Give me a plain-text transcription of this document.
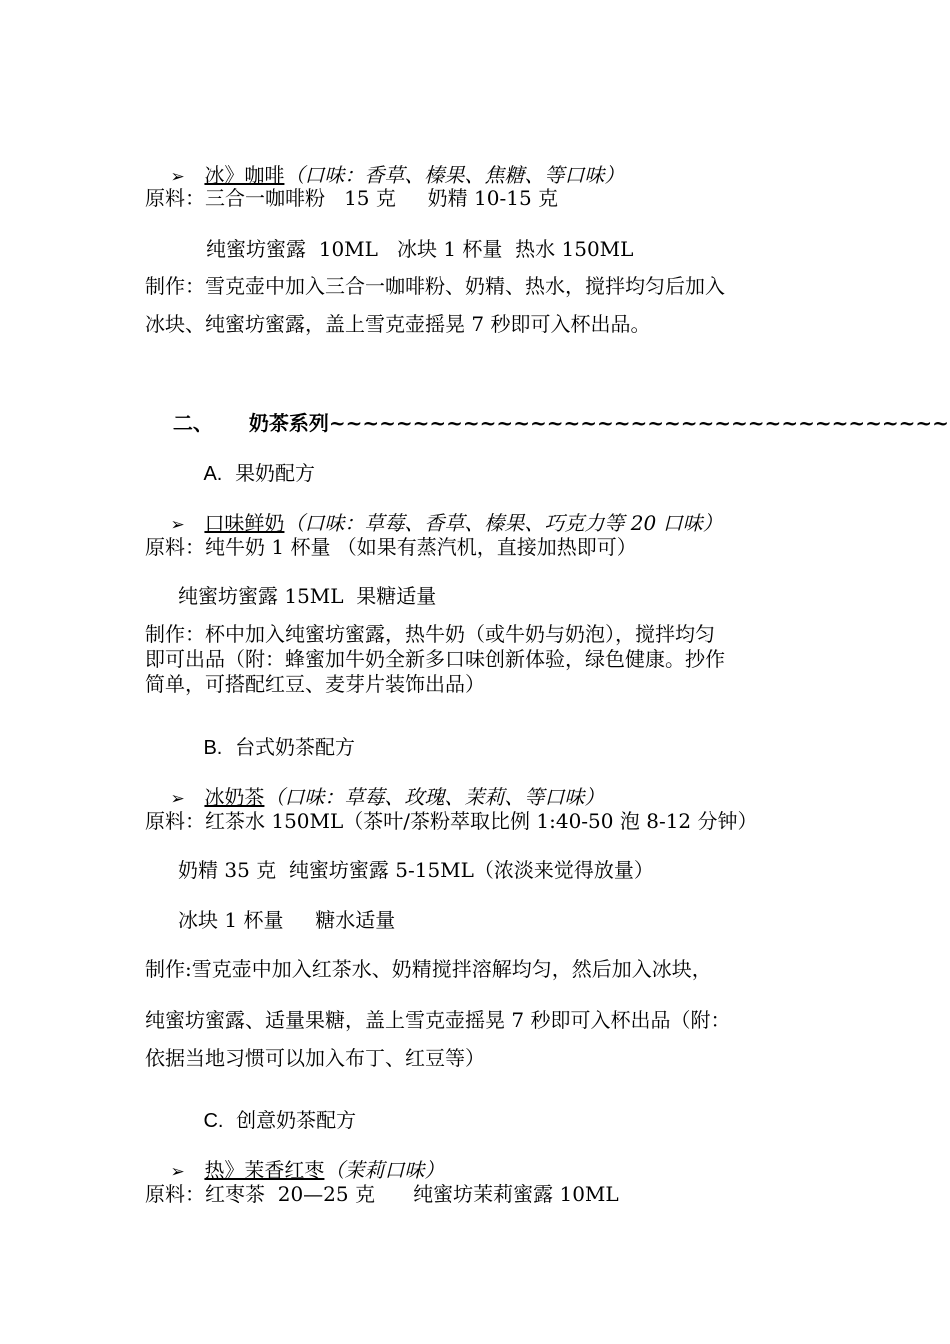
➢ 冰》咖啡（口味：香草、榛果、焦糖、等口味）

原料：三合一咖啡粉   15 克     奶精 10-15 克
纯蜜坊蜜露  10ML   冰块 1 杯量  热水 150ML
制作：雪克壶中加入三合一咖啡粉、奶精、热水，搅拌均匀后加入
冰块、纯蜜坊蜜露，盖上雪克壶摇晃 7 秒即可入杯出品。

二、 奶茶系列~~~~~~~~~~~~~~~~~~~~~~~~~~~~~~~~~~~~~

A. 果奶配方

➢ 口味鲜奶（口味：草莓、香草、榛果、巧克力等 20 口味）

原料：纯牛奶 1 杯量 （如果有蒸汽机，直接加热即可）
纯蜜坊蜜露 15ML  果糖适量
制作：杯中加入纯蜜坊蜜露，热牛奶（或牛奶与奶泡），搅拌均匀
即可出品（附：蜂蜜加牛奶全新多口味创新体验，绿色健康。抄作
简单，可搭配红豆、麦芽片装饰出品）

B. 台式奶茶配方

➢ 冰奶茶（口味：草莓、玫瑰、茉莉、等口味）

原料：红茶水 150ML（茶叶/茶粉萃取比例 1:40-50 泡 8-12 分钟）
奶精 35 克  纯蜜坊蜜露 5-15ML（浓淡来觉得放量）
冰块 1 杯量     糖水适量
制作:雪克壶中加入红茶水、奶精搅拌溶解均匀，然后加入冰块，
纯蜜坊蜜露、适量果糖，盖上雪克壶摇晃 7 秒即可入杯出品（附：
依据当地习惯可以加入布丁、红豆等）

C. 创意奶茶配方

➢ 热》茉香红枣（茉莉口味）

原料：红枣茶  20—25 克      纯蜜坊茉莉蜜露 10ML
